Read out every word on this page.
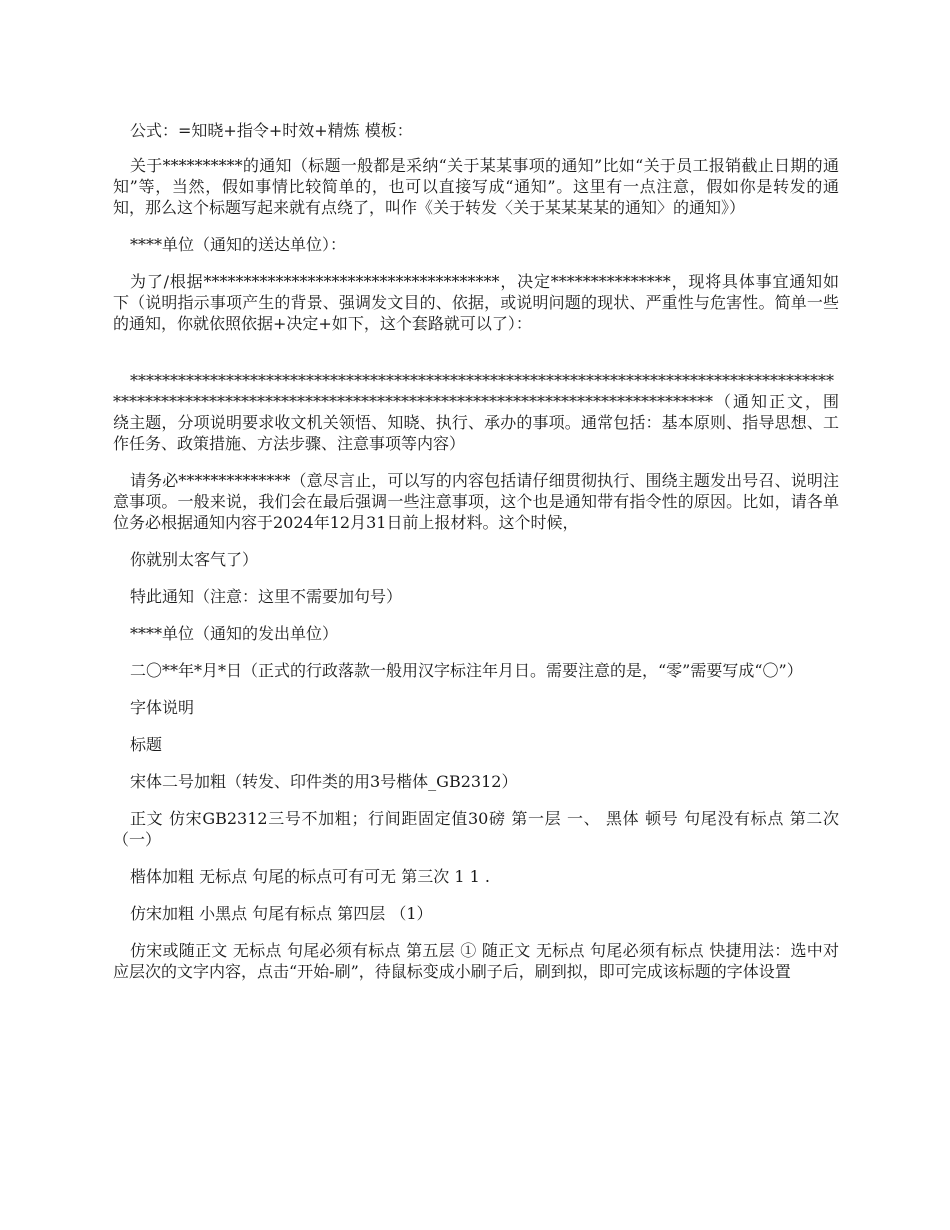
公式：=知晓+指令+时效+精炼 模板：

关于**********的通知（标题一般都是采纳“关于某某事项的通知”比如“关于员工报销截止日期的通知”等，当然，假如事情比较简单的，也可以直接写成“通知”。这里有一点注意，假如你是转发的通知，那么这个标题写起来就有点绕了，叫作《关于转发〈关于某某某某的通知〉的通知》）

****单位（通知的送达单位）：

为了/根据*************************************，决定***************，现将具体事宜通知如下（说明指示事项产生的背景、强调发文目的、依据，或说明问题的现状、严重性与危害性。简单一些的通知，你就依照依据+决定+如下，这个套路就可以了）：

*******************************************************************************************************************************************************************（通知正文，围绕主题，分项说明要求收文机关领悟、知晓、执行、承办的事项。通常包括：基本原则、指导思想、工作任务、政策措施、方法步骤、注意事项等内容）

请务必**************（意尽言止，可以写的内容包括请仔细贯彻执行、围绕主题发出号召、说明注意事项。一般来说，我们会在最后强调一些注意事项，这个也是通知带有指令性的原因。比如，请各单位务必根据通知内容于2024年12月31日前上报材料。这个时候，

你就别太客气了）

特此通知（注意：这里不需要加句号）

****单位（通知的发出单位）

二〇**年*月*日（正式的行政落款一般用汉字标注年月日。需要注意的是，“零”需要写成“〇”）

字体说明

标题

宋体二号加粗（转发、印件类的用3号楷体_GB2312）

正文 仿宋GB2312三号不加粗；行间距固定值30磅 第一层 一、 黑体 顿号 句尾没有标点 第二次 （一）

楷体加粗 无标点 句尾的标点可有可无 第三次 1 1 .

仿宋加粗 小黑点 句尾有标点 第四层 （1）

仿宋或随正文 无标点 句尾必须有标点 第五层 ① 随正文 无标点 句尾必须有标点 快捷用法：选中对应层次的文字内容，点击“开始-刷”，待鼠标变成小刷子后，刷到拟，即可完成该标题的字体设置
